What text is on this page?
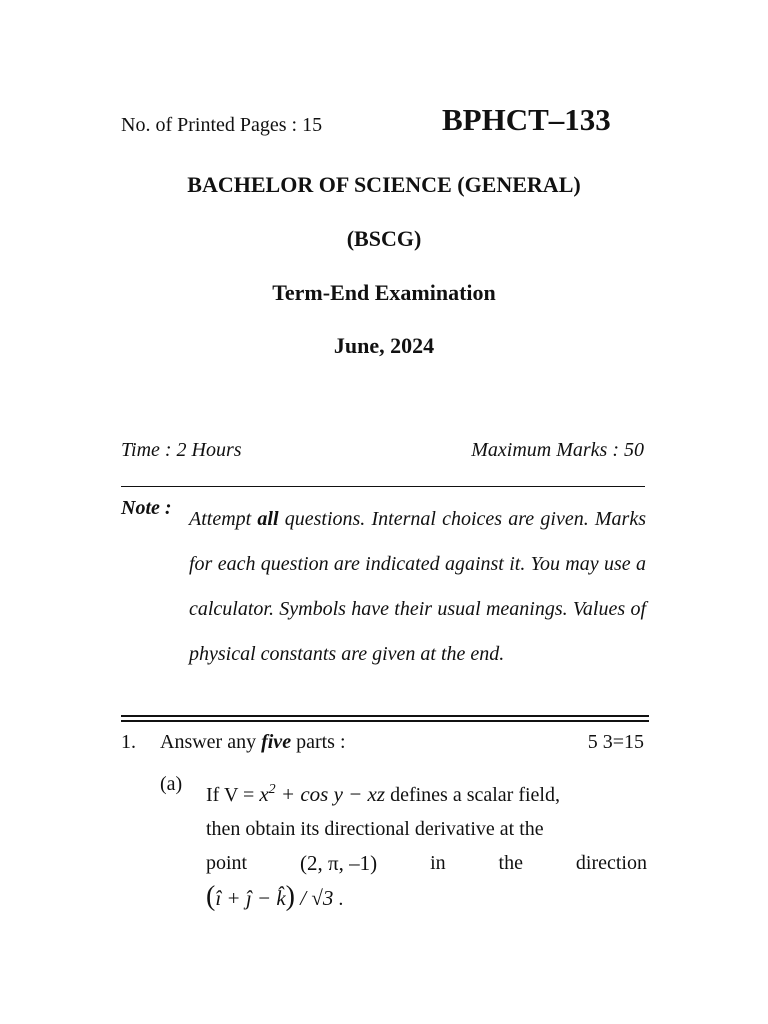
No. of Printed Pages : 15	BPHCT–133
BACHELOR OF SCIENCE (GENERAL)
(BSCG)
Term-End Examination
June, 2024
Time : 2 Hours	Maximum Marks : 50
Note : Attempt all questions. Internal choices are given. Marks for each question are indicated against it. You may use a calculator. Symbols have their usual meanings. Values of physical constants are given at the end.
1. Answer any five parts :	5 3=15
(a) If $V = x^2 + \cos y$ − xz defines a scalar field,
then obtain its directional derivative at the
point	(2, π, –1)	in	the	direction
(î + ĵ − k̂) / √3 .
